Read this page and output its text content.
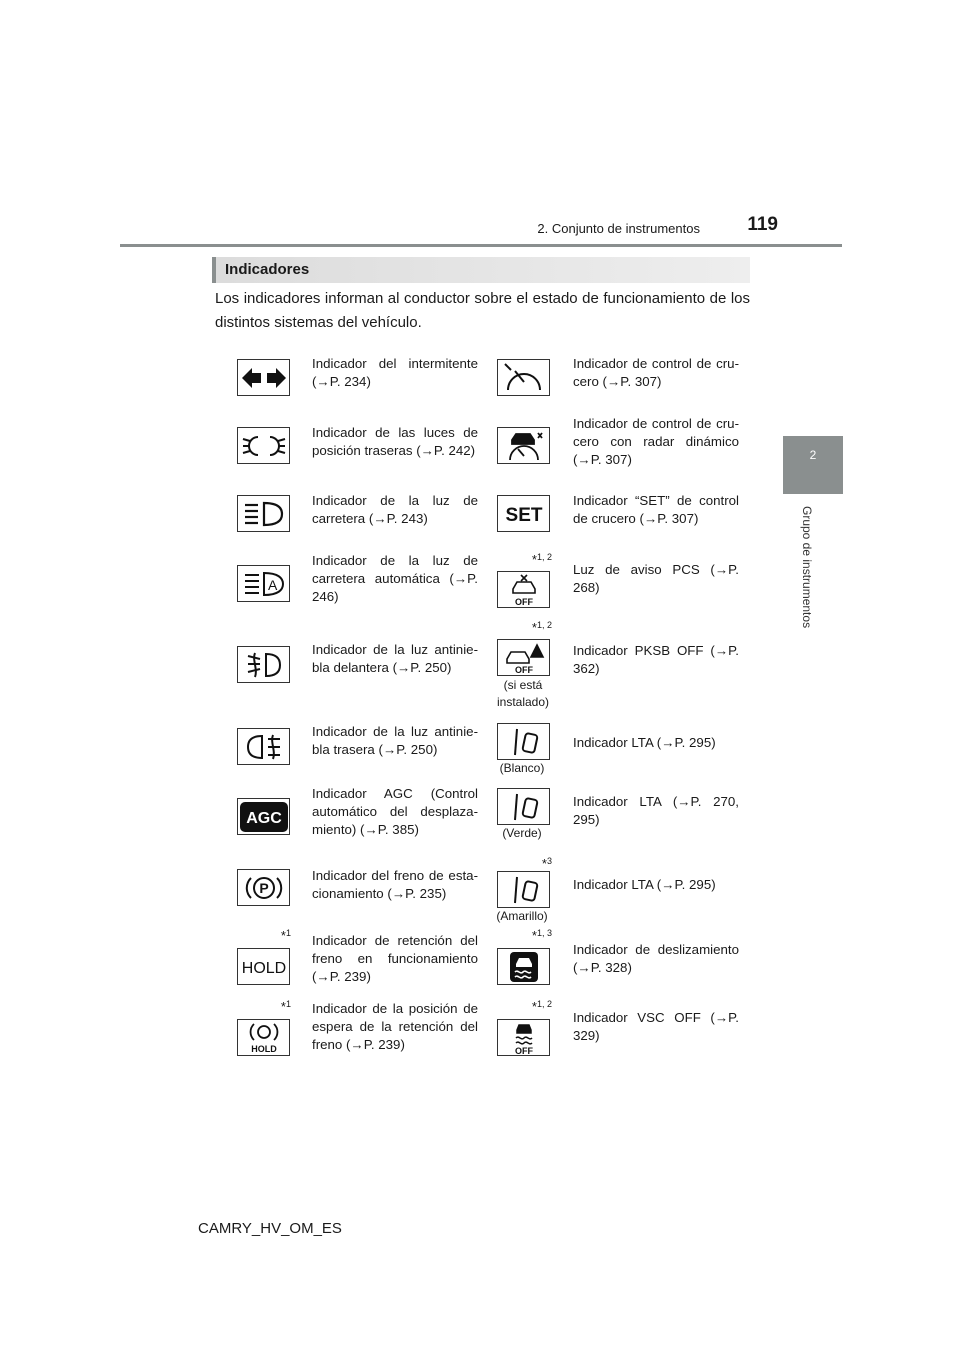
2. Conjunto de instrumentos	119
2
Grupo de instrumentos
Indicadores
Los indicadores informan al conductor sobre el estado de funcionamiento de los distintos sistemas del vehículo.
Indicador del intermitente (→P. 234)
Indicador de las luces de posición traseras (→P. 242)
Indicador de la luz de carretera (→P. 243)
A
Indicador de la luz de carretera automática (→P. 246)
Indicador de la luz antiniebla delantera (→P. 250)
Indicador de la luz antiniebla trasera (→P. 250)
AGC
Indicador AGC (Control automático del desplazamiento) (→P. 385)
P
Indicador del freno de estacionamiento (→P. 235)
$*_1$
HOLD
Indicador de retención del freno en funcionamiento (→P. 239)
$*_1$
HOLD
Indicador de la posición de espera de la retención del freno (→P. 239)
Indicador de control de crucero (→P. 307)
Indicador de control de crucero con radar dinámico (→P. 307)
SET
Indicador “SET” de control de crucero (→P. 307)
$*_{1, 2}$
OFF
Luz de aviso PCS (→P. 268)
$*_{1, 2}$
OFF
(si está instalado)
Indicador PKSB OFF (→P. 362)
(Blanco)
Indicador LTA (→P. 295)
(Verde)
Indicador LTA (→P. 270, 295)
$*_3$
(Amarillo)
Indicador LTA (→P. 295)
$*_{1, 3}$
Indicador de deslizamiento (→P. 328)
$*_{1, 2}$
OFF
Indicador VSC OFF (→P. 329)
CAMRY_HV_OM_ES
